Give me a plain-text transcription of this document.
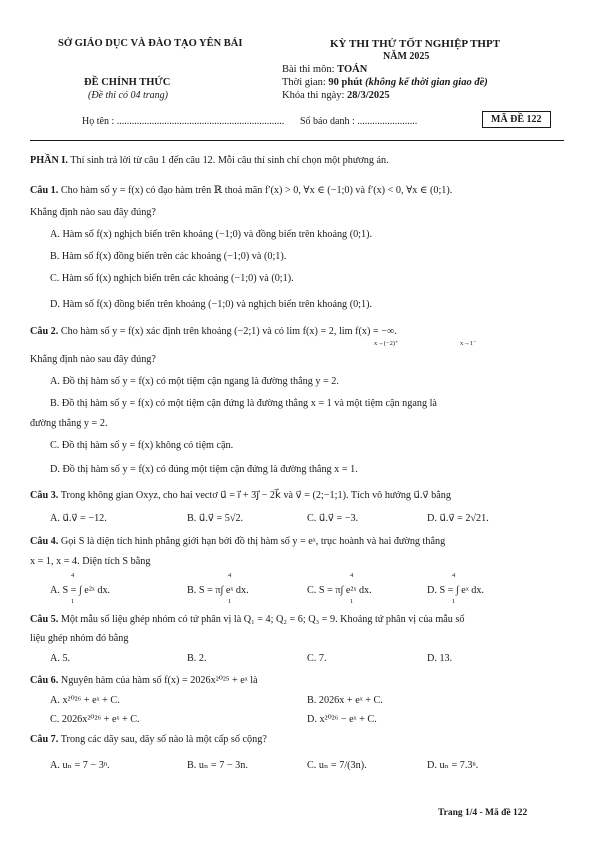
SỞ GIÁO DỤC VÀ ĐÀO TẠO YÊN BÁI
ĐỀ CHÍNH THỨC
(Đề thi có 04 trang)
KỲ THI THỬ TỐT NGHIỆP THPT
NĂM 2025
Bài thi môn: TOÁN
Thời gian: 90 phút (không kể thời gian giao đề)
Khóa thi ngày: 28/3/2025
Họ tên : ................................................................... Số báo danh : ........................	MÃ ĐỀ 122
PHẦN I. Thí sinh trả lời từ câu 1 đến câu 12. Mỗi câu thí sinh chỉ chọn một phương án.
Câu 1. Cho hàm số y = f(x) có đạo hàm trên ℝ thoả mãn f′(x) > 0, ∀x ∈ (−1;0) và f′(x) < 0, ∀x ∈ (0;1).
Khẳng định nào sau đây đúng?
A. Hàm số f(x) nghịch biến trên khoảng (−1;0) và đồng biến trên khoảng (0;1).
B. Hàm số f(x) đồng biến trên các khoảng (−1;0) và (0;1).
C. Hàm số f(x) nghịch biến trên các khoảng (−1;0) và (0;1).
D. Hàm số f(x) đồng biến trên khoảng (−1;0) và nghịch biến trên khoảng (0;1).
Câu 2. Cho hàm số y = f(x) xác định trên khoảng (−2;1) và có lim f(x) = 2, lim f(x) = −∞.
x→(−2)⁺	x→1⁻
Khẳng định nào sau đây đúng?
A. Đồ thị hàm số y = f(x) có một tiệm cận ngang là đường thẳng y = 2.
B. Đồ thị hàm số y = f(x) có một tiệm cận đứng là đường thẳng x = 1 và một tiệm cận ngang là
đường thẳng y = 2.
C. Đồ thị hàm số y = f(x) không có tiệm cận.
D. Đồ thị hàm số y = f(x) có đúng một tiệm cận đứng là đường thẳng x = 1.
Câu 3. Trong không gian Oxyz, cho hai vectơ u⃗ = i⃗ + 3j⃗ − 2k⃗ và v⃗ = (2;−1;1). Tích vô hướng u⃗.v⃗ bằng
A. u⃗.v⃗ = −12.	B. u⃗.v⃗ = 5√2.	C. u⃗.v⃗ = −3.	D. u⃗.v⃗ = 2√21.
Câu 4. Gọi S là diện tích hình phẳng giới hạn bởi đồ thị hàm số y = eˣ, trục hoành và hai đường thẳng
x = 1, x = 4. Diện tích S bằng
4
1
A. S = ∫ e²ˣ dx.
4
1
B. S = π∫ eˣ dx.
4
1
C. S = π∫ e²ˣ dx.
4
1
D. S = ∫ eˣ dx.
Câu 5. Một mẫu số liệu ghép nhóm có tứ phân vị là Q₁ = 4; Q₂ = 6; Q₃ = 9. Khoảng tứ phân vị của mẫu số
liệu ghép nhóm đó bằng
A. 5.	B. 2.	C. 7.	D. 13.
Câu 6. Nguyên hàm của hàm số f(x) = 2026x²⁰²⁵ + eˣ là
A. x²⁰²⁶ + eˣ + C.	B. 2026x + eˣ + C.
C. 2026x²⁰²⁶ + eˣ + C.	D. x²⁰²⁶ − eˣ + C.
Câu 7. Trong các dãy sau, dãy số nào là một cấp số cộng?
A. uₙ = 7 − 3ⁿ.	B. uₙ = 7 − 3n.	C. uₙ = 7/(3n).	D. uₙ = 7.3ⁿ.
Trang 1/4 - Mã đề 122
